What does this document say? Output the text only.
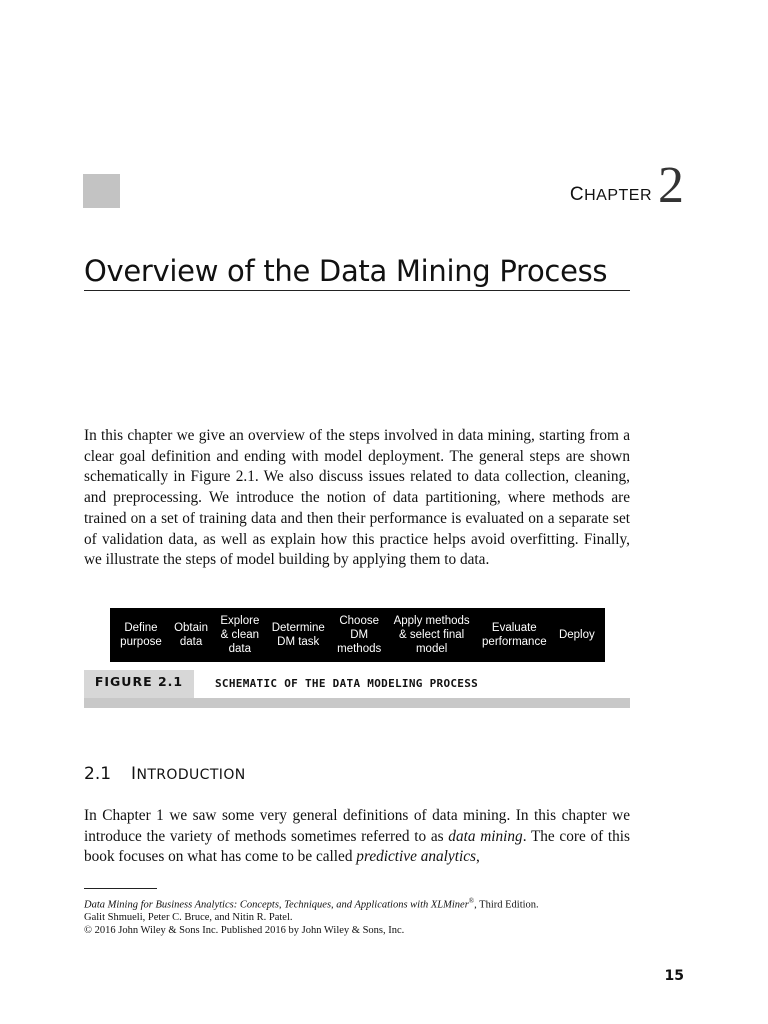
CHAPTER 2
Overview of the Data Mining Process
In this chapter we give an overview of the steps involved in data mining, starting from a clear goal definition and ending with model deployment. The general steps are shown schematically in Figure 2.1. We also discuss issues related to data collection, cleaning, and preprocessing. We introduce the notion of data partitioning, where methods are trained on a set of training data and then their performance is evaluated on a separate set of validation data, as well as explain how this practice helps avoid overfitting. Finally, we illustrate the steps of model building by applying them to data.
Define
purpose
Obtain
data
Explore
& clean
data
Determine
DM task
Choose
DM
methods
Apply methods
& select final
model
Evaluate
performance
Deploy
FIGURE 2.1	SCHEMATIC OF THE DATA MODELING PROCESS
2.1 INTRODUCTION
In Chapter 1 we saw some very general definitions of data mining. In this chapter we introduce the variety of methods sometimes referred to as data mining. The core of this book focuses on what has come to be called predictive analytics,
Data Mining for Business Analytics: Concepts, Techniques, and Applications with XLMiner®, Third Edition.
Galit Shmueli, Peter C. Bruce, and Nitin R. Patel.
© 2016 John Wiley & Sons Inc. Published 2016 by John Wiley & Sons, Inc.
15
